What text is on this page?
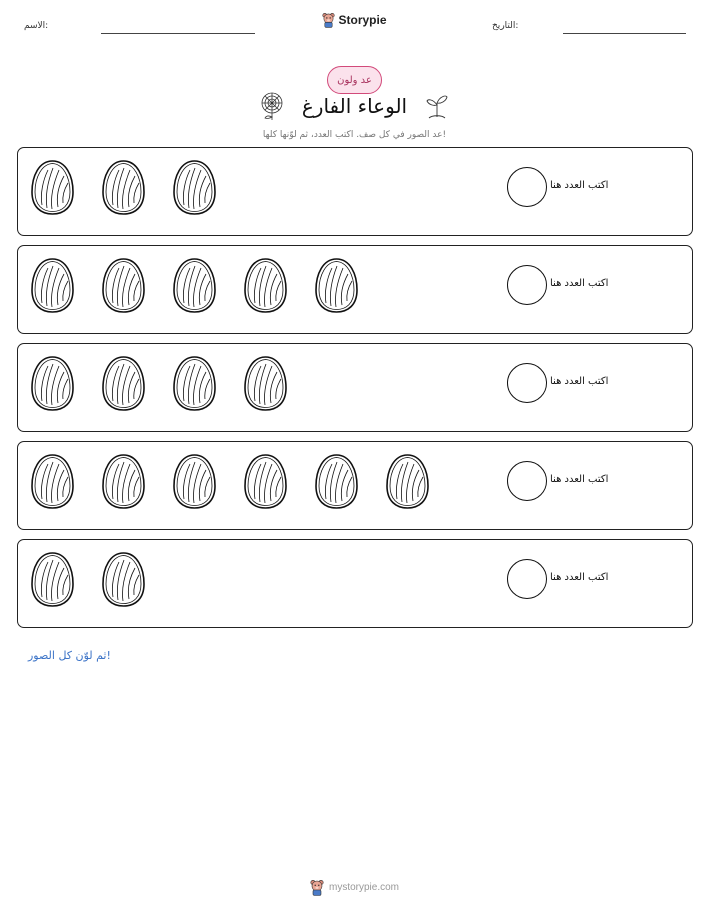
الاسم:	التاريخ:
Storypie
عد ولون
الوعاء الفارغ
عد الصور في كل صف. اكتب العدد، ثم لوّنها كلها!
اكتب العدد هنا
اكتب العدد هنا
اكتب العدد هنا
اكتب العدد هنا
اكتب العدد هنا
ثم لوّن كل الصور!
mystorypie.com
